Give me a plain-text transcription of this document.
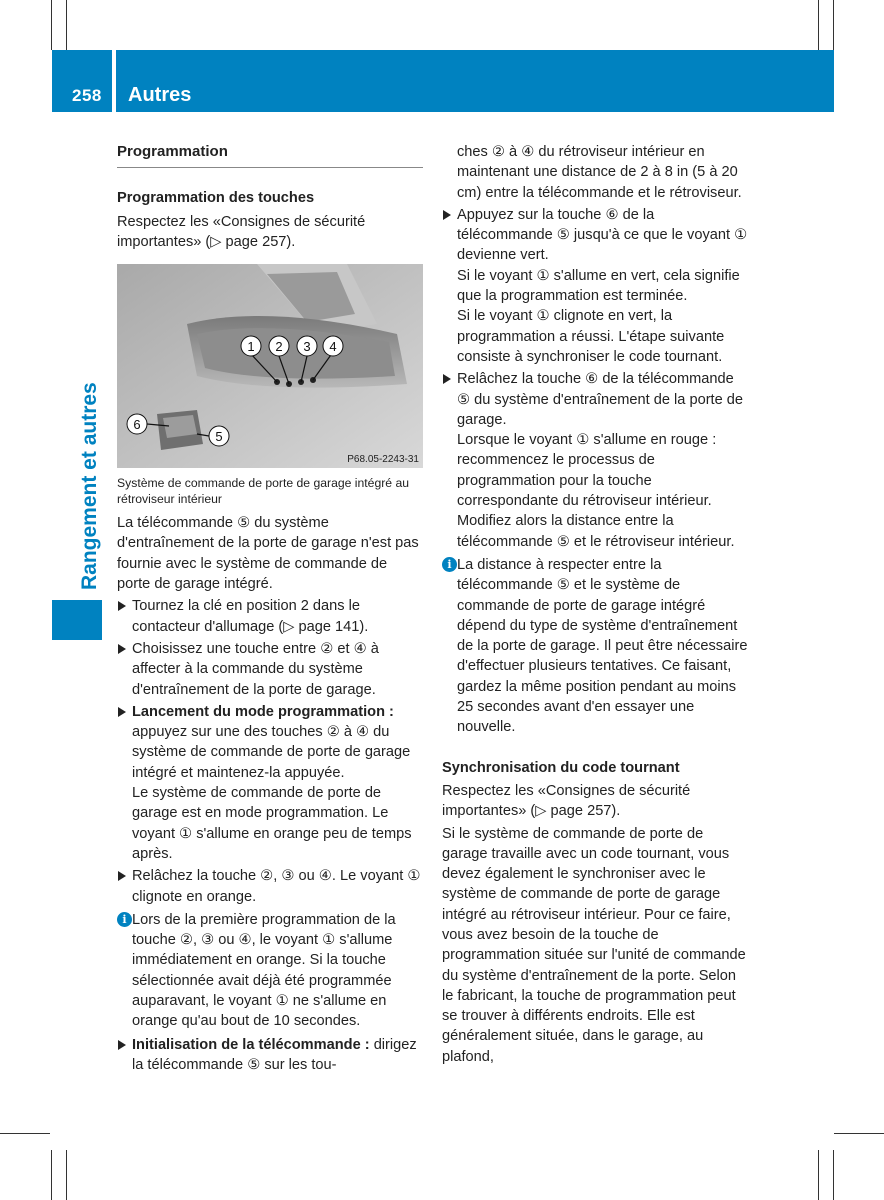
258 Autres
Rangement et autres
Programmation
Programmation des touches

Respectez les «Consignes de sécurité importantes» (▷ page 257).

1 2 3 4
6
5
P68.05-2243-31

Système de commande de porte de garage intégré au rétroviseur intérieur

La télécommande ⑤ du système d'entraînement de la porte de garage n'est pas fournie avec le système de commande de porte de garage intégré.

Tournez la clé en position 2 dans le contacteur d'allumage (▷ page 141).
Choisissez une touche entre ② et ④ à affecter à la commande du système d'entraînement de la porte de garage.
Lancement du mode programmation : appuyez sur une des touches ② à ④ du système de commande de porte de garage intégré et maintenez-la appuyée.
Le système de commande de porte de garage est en mode programmation. Le voyant ① s'allume en orange peu de temps après.
Relâchez la touche ②, ③ ou ④. Le voyant ① clignote en orange.
i Lors de la première programmation de la touche ②, ③ ou ④, le voyant ① s'allume immédiatement en orange. Si la touche sélectionnée avait déjà été programmée auparavant, le voyant ① ne s'allume en orange qu'au bout de 10 secondes.
Initialisation de la télécommande : dirigez la télécommande ⑤ sur les tou-

ches ② à ④ du rétroviseur intérieur en maintenant une distance de 2 à 8 in (5 à 20 cm) entre la télécommande et le rétroviseur.

Appuyez sur la touche ⑥ de la télécommande ⑤ jusqu'à ce que le voyant ① devienne vert.
Si le voyant ① s'allume en vert, cela signifie que la programmation est terminée.
Si le voyant ① clignote en vert, la programmation a réussi. L'étape suivante consiste à synchroniser le code tournant.
Relâchez la touche ⑥ de la télécommande ⑤ du système d'entraînement de la porte de garage.
Lorsque le voyant ① s'allume en rouge : recommencez le processus de programmation pour la touche correspondante du rétroviseur intérieur. Modifiez alors la distance entre la télécommande ⑤ et le rétroviseur intérieur.
i La distance à respecter entre la télécommande ⑤ et le système de commande de porte de garage intégré dépend du type de système d'entraînement de la porte de garage. Il peut être nécessaire d'effectuer plusieurs tentatives. Ce faisant, gardez la même position pendant au moins 25 secondes avant d'en essayer une nouvelle.
Synchronisation du code tournant

Respectez les «Consignes de sécurité importantes» (▷ page 257).

Si le système de commande de porte de garage travaille avec un code tournant, vous devez également le synchroniser avec le système de commande de porte de garage intégré au rétroviseur intérieur. Pour ce faire, vous avez besoin de la touche de programmation située sur l'unité de commande du système d'entraînement de la porte. Selon le fabricant, la touche de programmation peut se trouver à différents endroits. Elle est généralement située, dans le garage, au plafond,
